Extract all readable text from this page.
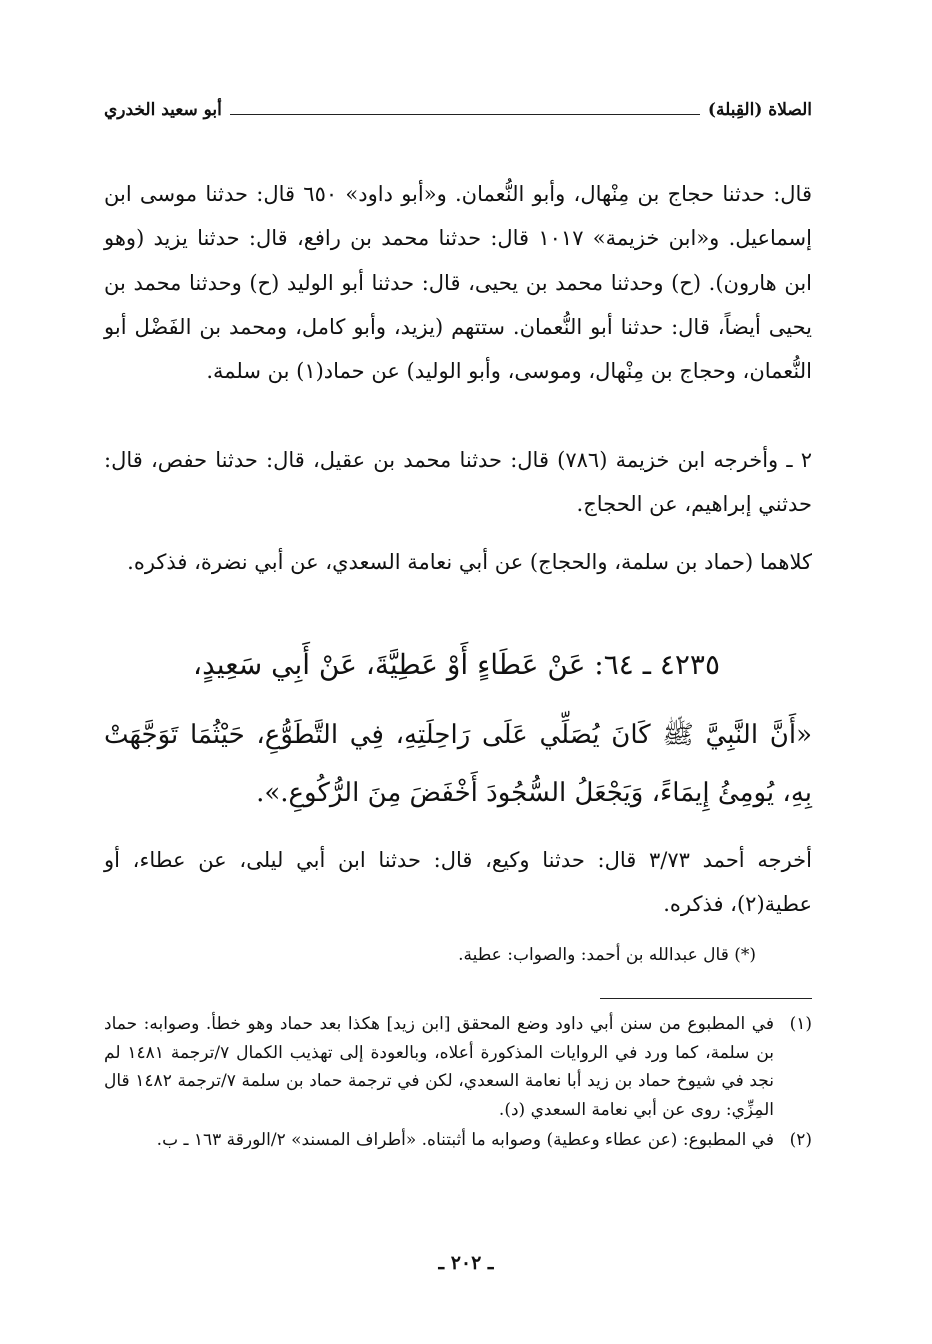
الصلاة (القِبلة)
أبو سعيد الخدري

قال: حدثنا حجاج بن مِنْهال، وأبو النُّعمان. و«أبو داود» ٦٥٠ قال: حدثنا موسى ابن إسماعيل. و«ابن خزيمة» ١٠١٧ قال: حدثنا محمد بن رافع، قال: حدثنا يزيد (وهو ابن هارون). (ح) وحدثنا محمد بن يحيى، قال: حدثنا أبو الوليد (ح) وحدثنا محمد بن يحيى أيضاً، قال: حدثنا أبو النُّعمان. ستتهم (يزيد، وأبو كامل، ومحمد بن الفَضْل أبو النُّعمان، وحجاج بن مِنْهال، وموسى، وأبو الوليد) عن حماد(١) بن سلمة.

٢ ـ وأخرجه ابن خزيمة (٧٨٦) قال: حدثنا محمد بن عقيل، قال: حدثنا حفص، قال: حدثني إبراهيم، عن الحجاج.

كلاهما (حماد بن سلمة، والحجاج) عن أبي نعامة السعدي، عن أبي نضرة، فذكره.

٤٢٣٥ ـ ٦٤: عَنْ عَطَاءٍ أَوْ عَطِيَّةَ، عَنْ أَبِي سَعِيدٍ،
«أَنَّ النَّبِيَّ ﷺ كَانَ يُصَلِّي عَلَى رَاحِلَتِهِ، فِي التَّطَوُّعِ، حَيْثُمَا تَوَجَّهَتْ بِهِ، يُومِئُ إِيمَاءً، وَيَجْعَلُ السُّجُودَ أَخْفَضَ مِنَ الرُّكُوعِ.».

أخرجه أحمد ٣/٧٣ قال: حدثنا وكيع، قال: حدثنا ابن أبي ليلى، عن عطاء، أو عطية(٢)، فذكره.

(*) قال عبدالله بن أحمد: والصواب: عطية.
(١)
في المطبوع من سنن أبي داود وضع المحقق [ابن زيد] هكذا بعد حماد وهو خطأ. وصوابه: حماد بن سلمة، كما ورد في الروايات المذكورة أعلاه، وبالعودة إلى تهذيب الكمال ٧/ترجمة ١٤٨١ لم نجد في شيوخ حماد بن زيد أبا نعامة السعدي، لكن في ترجمة حماد بن سلمة ٧/ترجمة ١٤٨٢ قال المِزِّي: روى عن أبي نعامة السعدي (د).
(٢)
في المطبوع: (عن عطاء وعطية) وصوابه ما أثبتناه. «أطراف المسند» ٢/الورقة ١٦٣ ـ ب.
ـ ٢٠٢ ـ
